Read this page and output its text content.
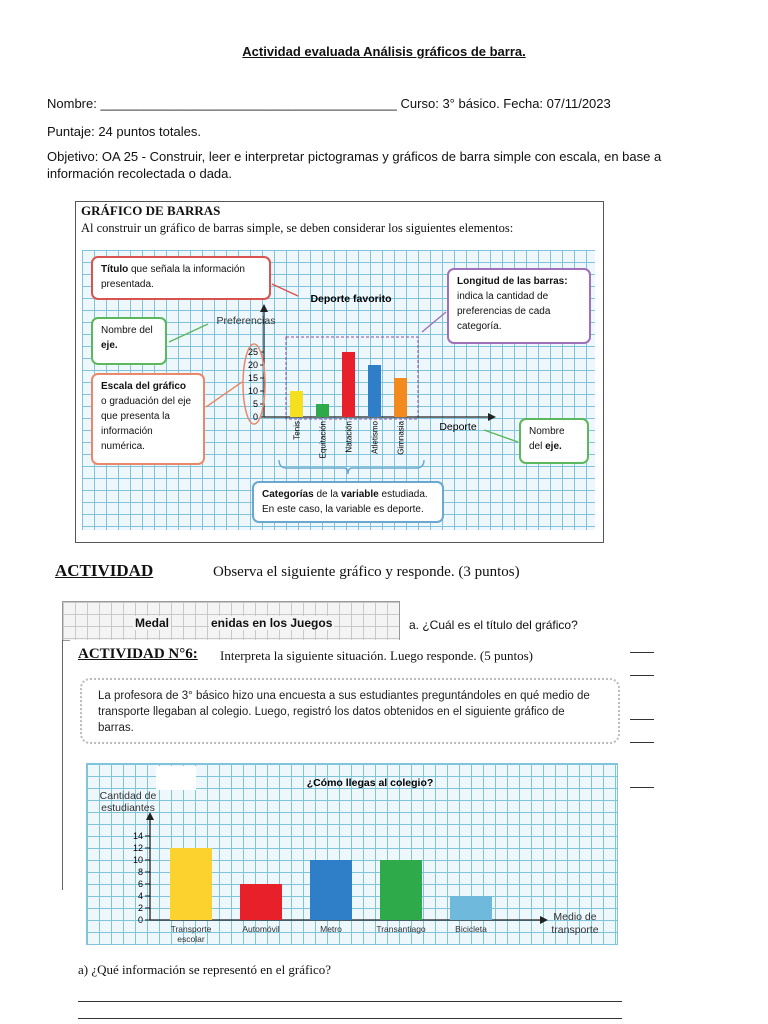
Actividad evaluada Análisis gráficos de barra.
Nombre: _________________________________________ Curso: 3° básico. Fecha: 07/11/2023
Puntaje: 24 puntos totales.
Objetivo: OA 25 - Construir, leer e interpretar pictogramas y gráficos de barra simple con escala, en base a
información recolectada o dada.
GRÁFICO DE BARRAS
Al construir un gráfico de barras simple, se deben considerar los siguientes elementos:
0
5
10
15
20
25
Tenis Equitación Natación Atletismo Gimnasia
Deporte favorito
Preferencias
Deporte
Título que señala la información presentada.
Nombre del eje.
Escala del gráfico
o graduación del eje que presenta la información numérica.
Longitud de las barras:
indica la cantidad de preferencias de cada categoría.
Nombre del eje.
Categorías de la variable estudiada.
En este caso, la variable es deporte.
ACTIVIDAD	Observa el siguiente gráfico y responde. (3 puntos)
Medal	enidas en los Juegos	a. ¿Cuál es el título del gráfico?
ACTIVIDAD N°6: Interpreta la siguiente situación. Luego responde. (5 puntos)
La profesora de 3° básico hizo una encuesta a sus estudiantes preguntándoles en qué medio de transporte llegaban al colegio. Luego, registró los datos obtenidos en el siguiente gráfico de barras.
0
2
4
6
8
10
12
14
Transporte
escolar
Automóvil	Metro	Transantiago	Bicicleta
¿Cómo llegas al colegio?
Cantidad de
estudiantes
Medio de
transporte
a) ¿Qué información se representó en el gráfico?
